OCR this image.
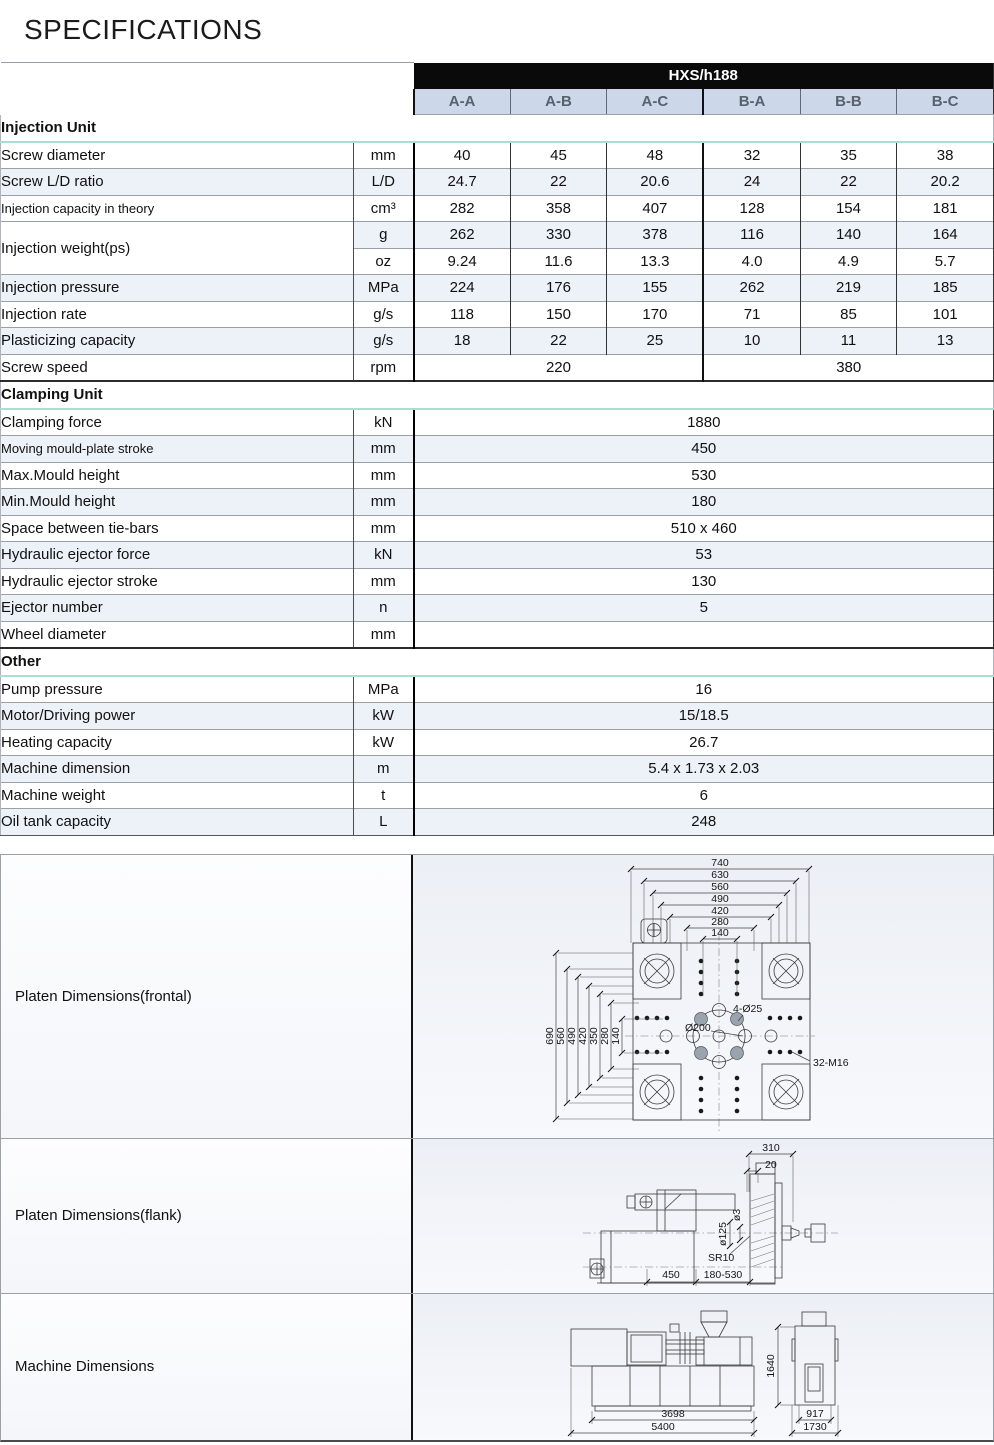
SPECIFICATIONS
		HXS/h188					
		A-A	A-B	A-C	B-A	B-B	B-C
Injection Unit							
Screw diameter	mm	40	45	48	32	35	38
Screw L/D ratio	L/D	24.7	22	20.6	24	22	20.2
Injection capacity in theory	cm³	282	358	407	128	154	181
Injection weight(ps)	g	262	330	378	116	140	164
	oz	9.24	11.6	13.3	4.0	4.9	5.7
Injection pressure	MPa	224	176	155	262	219	185
Injection rate	g/s	118	150	170	71	85	101
Plasticizing capacity	g/s	18	22	25	10	11	13
Screw speed	rpm	220			380		
Clamping Unit							
Clamping force	kN	1880					
Moving mould-plate stroke	mm	450					
Max.Mould height	mm	530					
Min.Mould height	mm	180					
Space between tie-bars	mm	510 x 460					
Hydraulic ejector force	kN	53					
Hydraulic ejector stroke	mm	130					
Ejector number	n	5					
Wheel diameter	mm						
Other							
Pump pressure	MPa	16					
Motor/Driving power	kW	15/18.5					
Heating capacity	kW	26.7					
Machine dimension	m	5.4 x 1.73 x 2.03					
Machine weight	t	6					
Oil tank capacity	L	248					
Platen Dimensions(frontal)
740
630
560
490
420
280
140
690 560 490 420 350 280 140
4-Ø25
Ø200
32-M16
Platen Dimensions(flank)
310
20
ø125
ø3
SR10
450 180-530
Machine Dimensions
3698
5400
1640
917
1730
